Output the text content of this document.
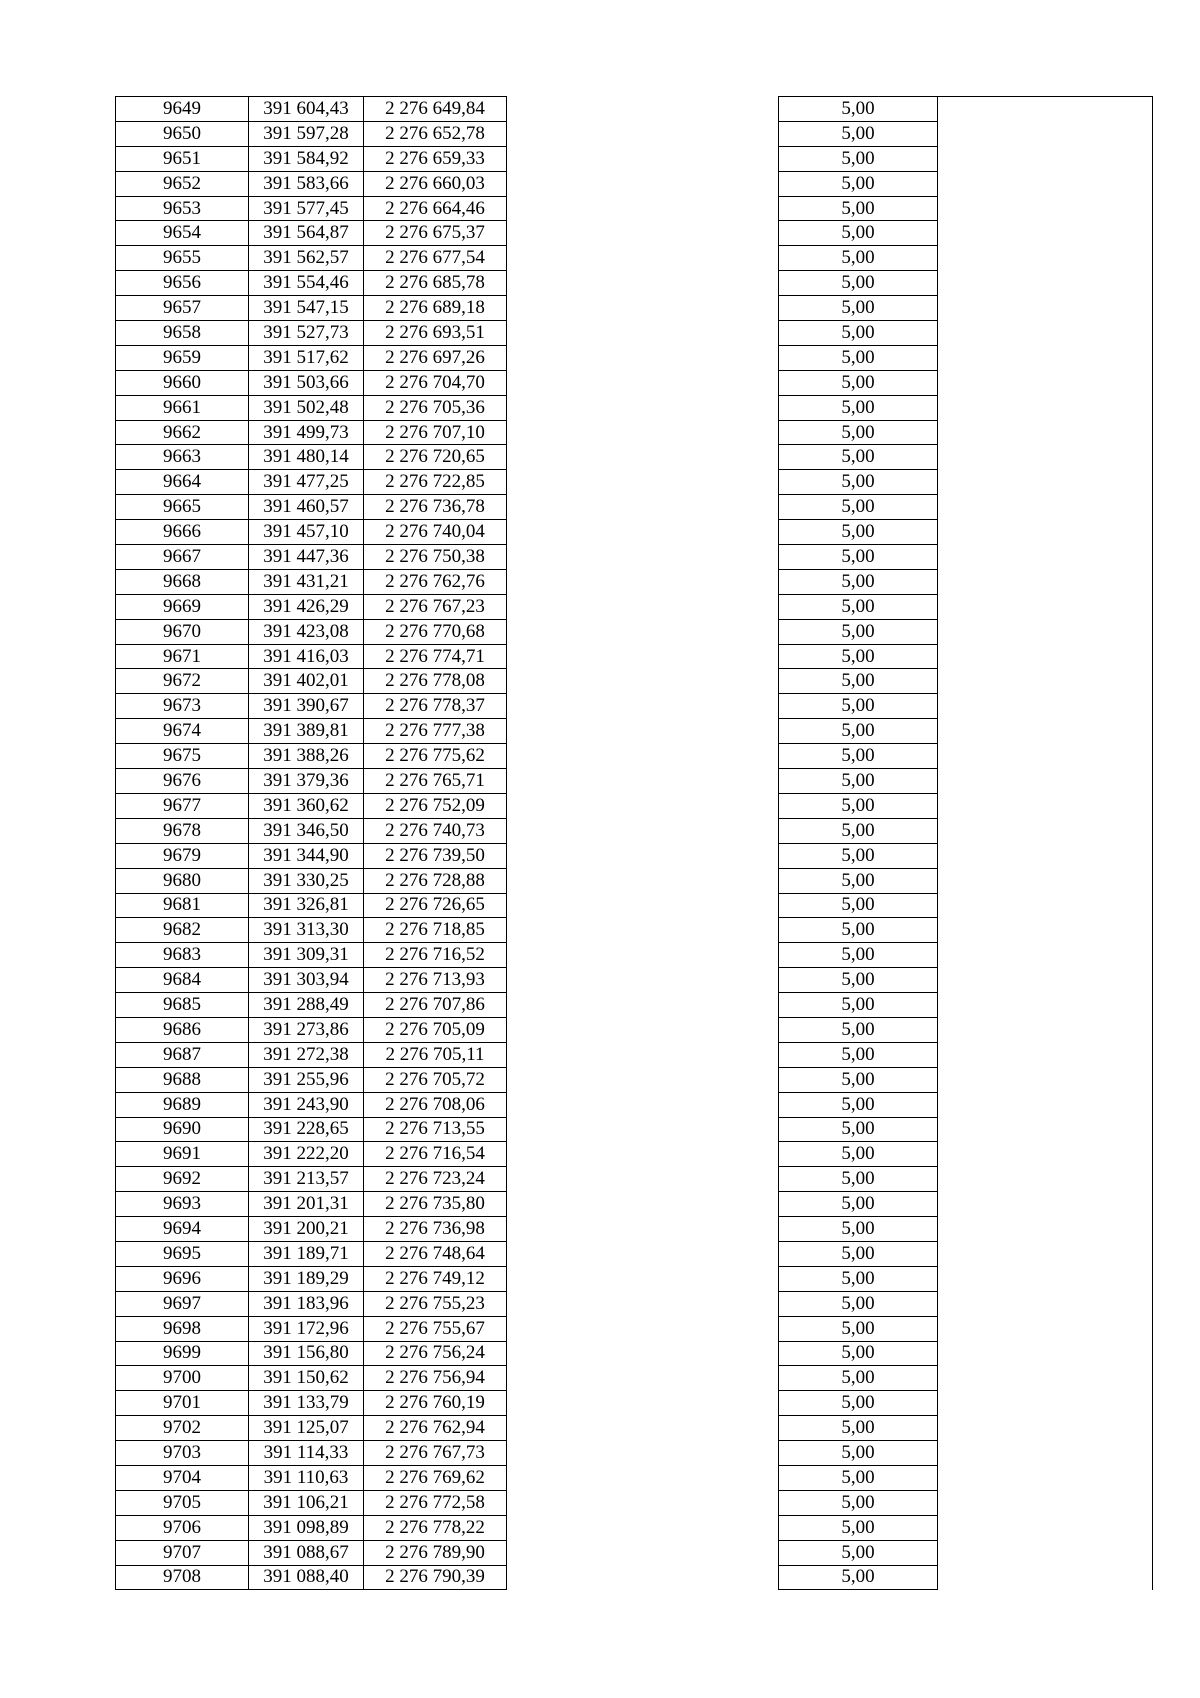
9649	391 604,43	2 276 649,84		5,00	
9650	391 597,28	2 276 652,78		5,00	
9651	391 584,92	2 276 659,33		5,00	
9652	391 583,66	2 276 660,03		5,00	
9653	391 577,45	2 276 664,46		5,00	
9654	391 564,87	2 276 675,37		5,00	
9655	391 562,57	2 276 677,54		5,00	
9656	391 554,46	2 276 685,78		5,00	
9657	391 547,15	2 276 689,18		5,00	
9658	391 527,73	2 276 693,51		5,00	
9659	391 517,62	2 276 697,26		5,00	
9660	391 503,66	2 276 704,70		5,00	
9661	391 502,48	2 276 705,36		5,00	
9662	391 499,73	2 276 707,10		5,00	
9663	391 480,14	2 276 720,65		5,00	
9664	391 477,25	2 276 722,85		5,00	
9665	391 460,57	2 276 736,78		5,00	
9666	391 457,10	2 276 740,04		5,00	
9667	391 447,36	2 276 750,38		5,00	
9668	391 431,21	2 276 762,76		5,00	
9669	391 426,29	2 276 767,23		5,00	
9670	391 423,08	2 276 770,68		5,00	
9671	391 416,03	2 276 774,71		5,00	
9672	391 402,01	2 276 778,08		5,00	
9673	391 390,67	2 276 778,37		5,00	
9674	391 389,81	2 276 777,38		5,00	
9675	391 388,26	2 276 775,62		5,00	
9676	391 379,36	2 276 765,71		5,00	
9677	391 360,62	2 276 752,09		5,00	
9678	391 346,50	2 276 740,73		5,00	
9679	391 344,90	2 276 739,50		5,00	
9680	391 330,25	2 276 728,88		5,00	
9681	391 326,81	2 276 726,65		5,00	
9682	391 313,30	2 276 718,85		5,00	
9683	391 309,31	2 276 716,52		5,00	
9684	391 303,94	2 276 713,93		5,00	
9685	391 288,49	2 276 707,86		5,00	
9686	391 273,86	2 276 705,09		5,00	
9687	391 272,38	2 276 705,11		5,00	
9688	391 255,96	2 276 705,72		5,00	
9689	391 243,90	2 276 708,06		5,00	
9690	391 228,65	2 276 713,55		5,00	
9691	391 222,20	2 276 716,54		5,00	
9692	391 213,57	2 276 723,24		5,00	
9693	391 201,31	2 276 735,80		5,00	
9694	391 200,21	2 276 736,98		5,00	
9695	391 189,71	2 276 748,64		5,00	
9696	391 189,29	2 276 749,12		5,00	
9697	391 183,96	2 276 755,23		5,00	
9698	391 172,96	2 276 755,67		5,00	
9699	391 156,80	2 276 756,24		5,00	
9700	391 150,62	2 276 756,94		5,00	
9701	391 133,79	2 276 760,19		5,00	
9702	391 125,07	2 276 762,94		5,00	
9703	391 114,33	2 276 767,73		5,00	
9704	391 110,63	2 276 769,62		5,00	
9705	391 106,21	2 276 772,58		5,00	
9706	391 098,89	2 276 778,22		5,00	
9707	391 088,67	2 276 789,90		5,00	
9708	391 088,40	2 276 790,39		5,00	
